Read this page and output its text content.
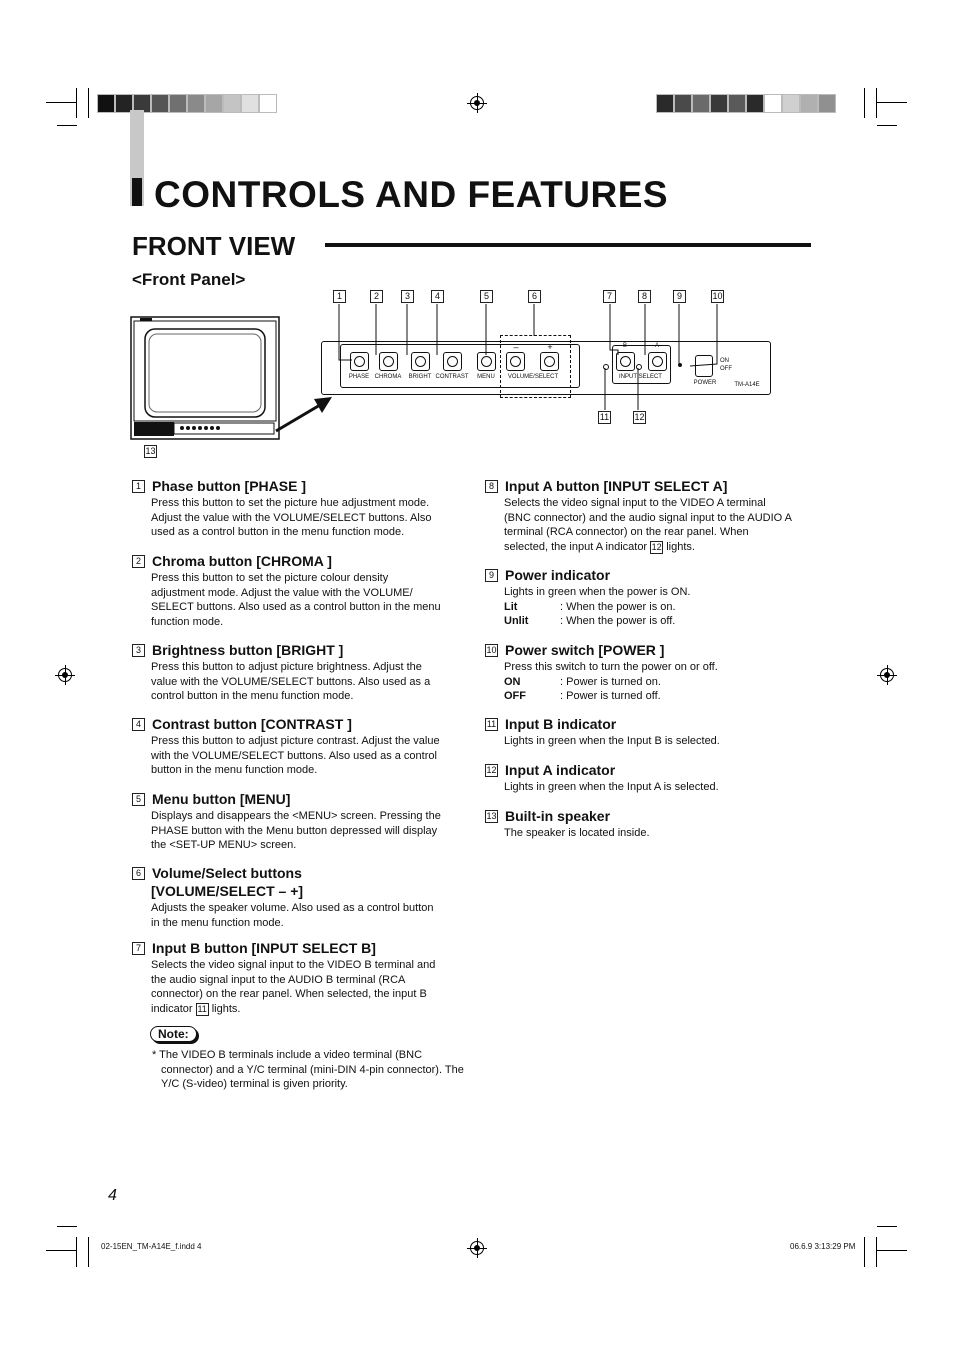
CONTROLS AND FEATURES
FRONT VIEW
<Front Panel>
PHASE CHROMA	BRIGHT CONTRAST	MENU	VOLUME/SELECT	INPUT SELECT
POWER
ON
OFF
B	A
–	+
TM-A14E
1	2	3	4	5	6	7	8	9	10
11	12
13
1 Phase button [PHASE ]
Press this button to set the picture hue adjustment mode. Adjust the value with the VOLUME/SELECT buttons. Also used as a control button in the menu function mode.
2 Chroma button [CHROMA ]
Press this button to set the picture colour density adjustment mode. Adjust the value with the VOLUME/ SELECT buttons. Also used as a control button in the menu function mode.
3 Brightness button [BRIGHT ]
Press this button to adjust picture brightness. Adjust the value with the VOLUME/SELECT buttons. Also used as a control button in the menu function mode.
4 Contrast button [CONTRAST ]
Press this button to adjust picture contrast. Adjust the value with the VOLUME/SELECT buttons. Also used as a control button in the menu function mode.
5 Menu button [MENU]
Displays and disappears the <MENU> screen. Pressing the PHASE button with the Menu button depressed will display the <SET-UP MENU> screen.
6 Volume/Select buttons
[VOLUME/SELECT – +]
Adjusts the speaker volume. Also used as a control button in the menu function mode.
7 Input B button [INPUT SELECT B]
Selects the video signal input to the VIDEO B terminal and the audio signal input to the AUDIO B terminal (RCA connector) on the rear panel. When selected, the input B indicator 11 lights.
Note:
* The VIDEO B terminals include a video terminal (BNC connector) and a Y/C terminal (mini-DIN 4-pin connector). The Y/C (S-video) terminal is given priority.
8 Input A button [INPUT SELECT A]
Selects the video signal input to the VIDEO A terminal (BNC connector) and the audio signal input to the AUDIO A terminal (RCA connector) on the rear panel. When selected, the input A indicator 12 lights.
9 Power indicator
Lights in green when the power is ON.
Lit	: When the power is on.
Unlit	: When the power is off.
10 Power switch [POWER ]
Press this switch to turn the power on or off.
ON	: Power is turned on.
OFF	: Power is turned off.
11 Input B indicator
Lights in green when the Input B is selected.
12 Input A indicator
Lights in green when the Input A is selected.
13 Built-in speaker
The speaker is located inside.
4
02-15EN_TM-A14E_f.indd 4	06.6.9 3:13:29 PM
